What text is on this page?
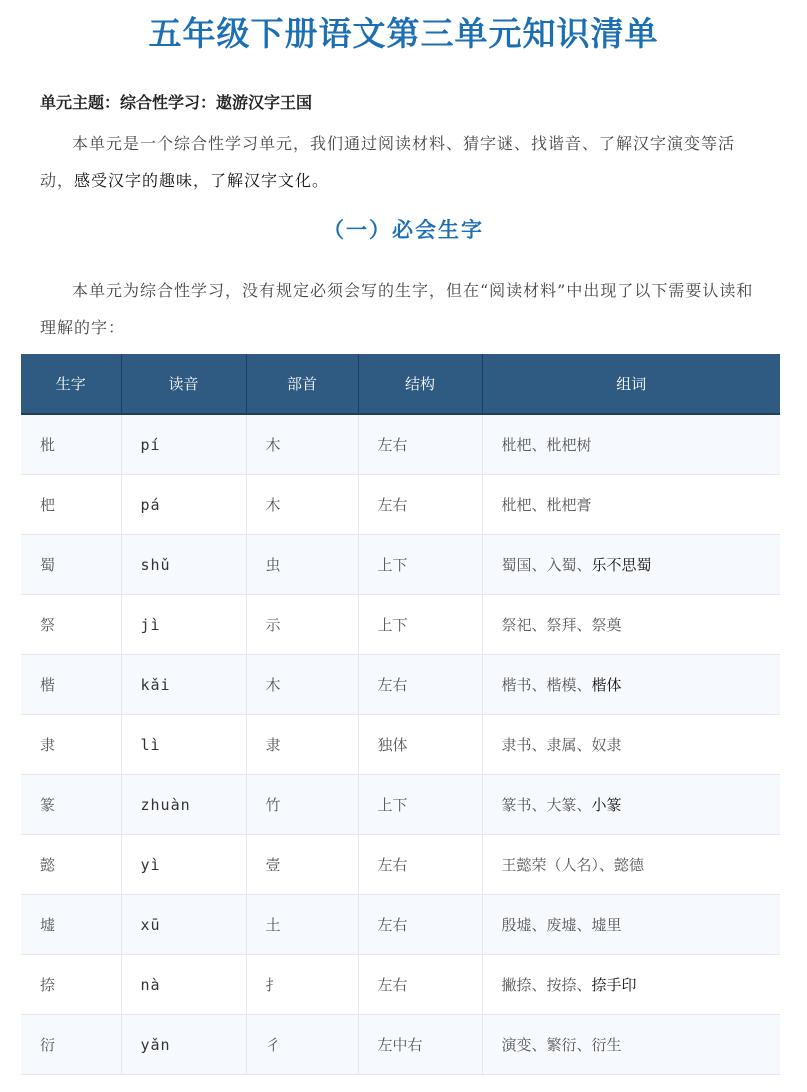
五年级下册语文第三单元知识清单
单元主题：综合性学习：遨游汉字王国
本单元是一个综合性学习单元，我们通过阅读材料、猜字谜、找谐音、了解汉字演变等活动，感受汉字的趣味，了解汉字文化。
（一）必会生字
本单元为综合性学习，没有规定必须会写的生字，但在“阅读材料”中出现了以下需要认读和理解的字：
生字	读音	部首	结构	组词
枇	pí	木	左右	枇杷、枇杷树
杷	pá	木	左右	枇杷、枇杷膏
蜀	shǔ	虫	上下	蜀国、入蜀、乐不思蜀
祭	jì	示	上下	祭祀、祭拜、祭奠
楷	kǎi	木	左右	楷书、楷模、楷体
隶	lì	隶	独体	隶书、隶属、奴隶
篆	zhuàn	竹	上下	篆书、大篆、小篆
懿	yì	壹	左右	王懿荣（人名）、懿德
墟	xū	土	左右	殷墟、废墟、墟里
捺	nà	扌	左右	撇捺、按捺、捺手印
衍	yǎn	彳	左中右	演变、繁衍、衍生
